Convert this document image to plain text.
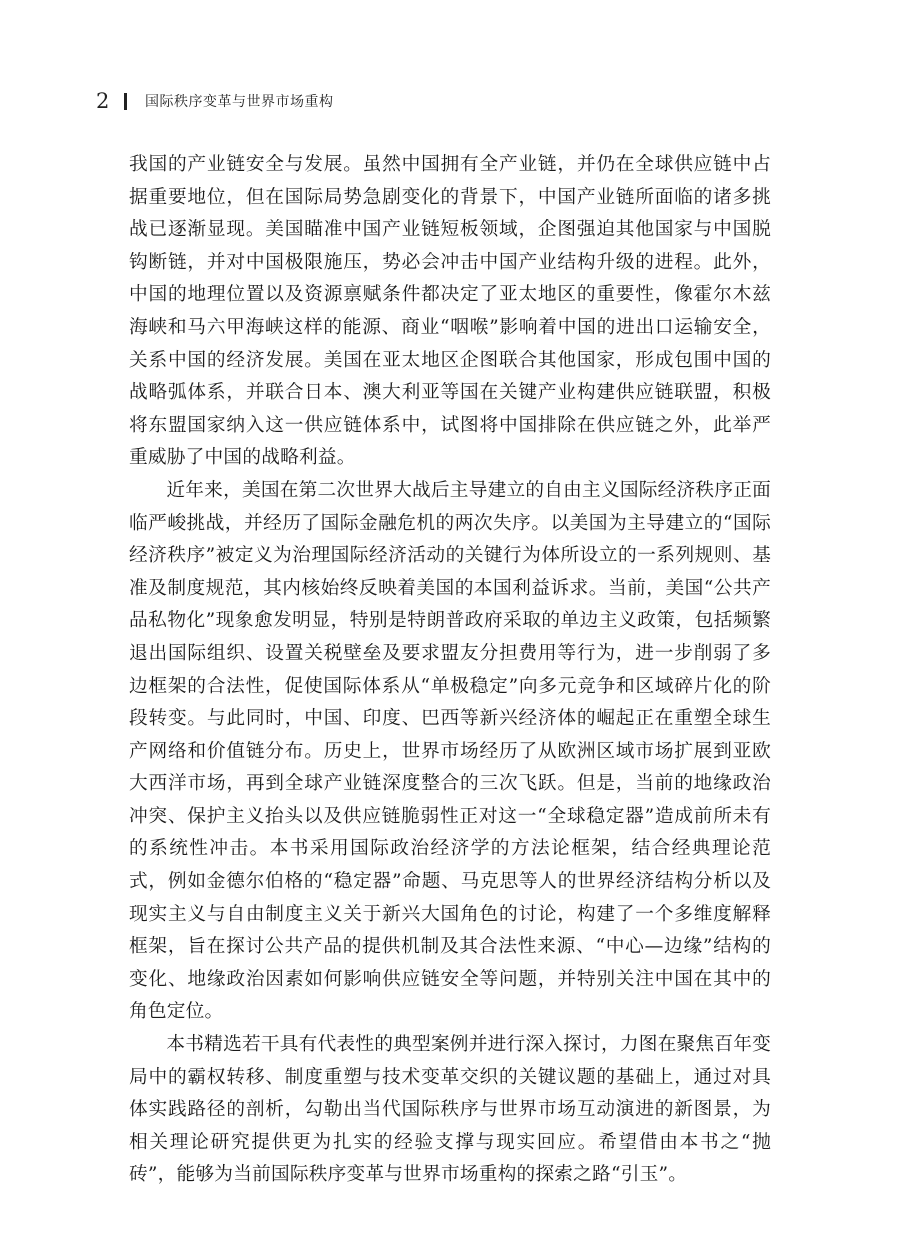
2	国际秩序变革与世界市场重构

我国的产业链安全与发展。虽然中国拥有全产业链，并仍在全球供应链中占据重要地位，但在国际局势急剧变化的背景下，中国产业链所面临的诸多挑战已逐渐显现。美国瞄准中国产业链短板领域，企图强迫其他国家与中国脱钩断链，并对中国极限施压，势必会冲击中国产业结构升级的进程。此外，中国的地理位置以及资源禀赋条件都决定了亚太地区的重要性，像霍尔木兹海峡和马六甲海峡这样的能源、商业“咽喉”影响着中国的进出口运输安全，关系中国的经济发展。美国在亚太地区企图联合其他国家，形成包围中国的战略弧体系，并联合日本、澳大利亚等国在关键产业构建供应链联盟，积极将东盟国家纳入这一供应链体系中，试图将中国排除在供应链之外，此举严重威胁了中国的战略利益。

近年来，美国在第二次世界大战后主导建立的自由主义国际经济秩序正面临严峻挑战，并经历了国际金融危机的两次失序。以美国为主导建立的“国际经济秩序”被定义为治理国际经济活动的关键行为体所设立的一系列规则、基准及制度规范，其内核始终反映着美国的本国利益诉求。当前，美国“公共产品私物化”现象愈发明显，特别是特朗普政府采取的单边主义政策，包括频繁退出国际组织、设置关税壁垒及要求盟友分担费用等行为，进一步削弱了多边框架的合法性，促使国际体系从“单极稳定”向多元竞争和区域碎片化的阶段转变。与此同时，中国、印度、巴西等新兴经济体的崛起正在重塑全球生产网络和价值链分布。历史上，世界市场经历了从欧洲区域市场扩展到亚欧大西洋市场，再到全球产业链深度整合的三次飞跃。但是，当前的地缘政治冲突、保护主义抬头以及供应链脆弱性正对这一“全球稳定器”造成前所未有的系统性冲击。本书采用国际政治经济学的方法论框架，结合经典理论范式，例如金德尔伯格的“稳定器”命题、马克思等人的世界经济结构分析以及现实主义与自由制度主义关于新兴大国角色的讨论，构建了一个多维度解释框架，旨在探讨公共产品的提供机制及其合法性来源、“中心—边缘”结构的变化、地缘政治因素如何影响供应链安全等问题，并特别关注中国在其中的角色定位。

本书精选若干具有代表性的典型案例并进行深入探讨，力图在聚焦百年变局中的霸权转移、制度重塑与技术变革交织的关键议题的基础上，通过对具体实践路径的剖析，勾勒出当代国际秩序与世界市场互动演进的新图景，为相关理论研究提供更为扎实的经验支撑与现实回应。希望借由本书之“抛砖”，能够为当前国际秩序变革与世界市场重构的探索之路“引玉”。
